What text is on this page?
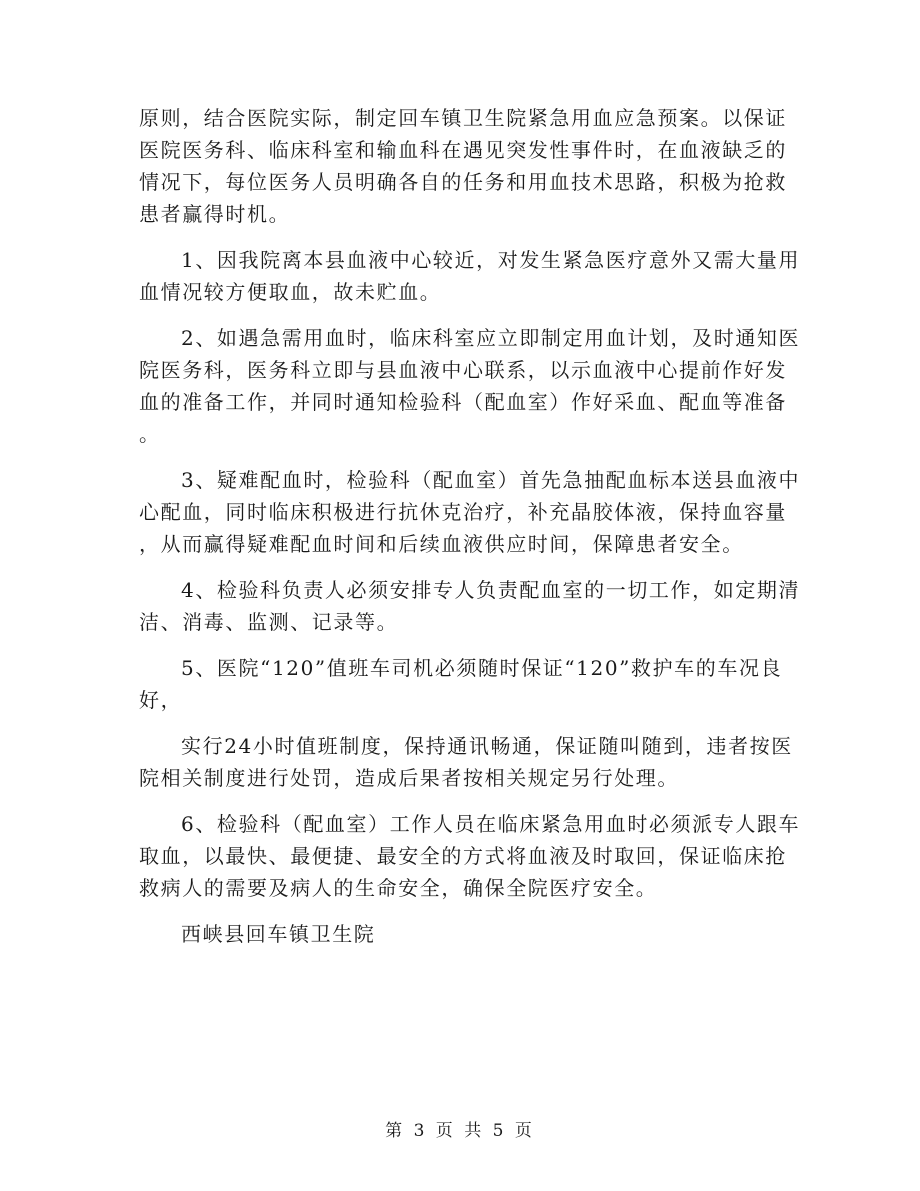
原则，结合医院实际，制定回车镇卫生院紧急用血应急预案。以保证
医院医务科、临床科室和输血科在遇见突发性事件时，在血液缺乏的
情况下，每位医务人员明确各自的任务和用血技术思路，积极为抢救
患者赢得时机。
1、因我院离本县血液中心较近，对发生紧急医疗意外又需大量用
血情况较方便取血，故未贮血。
2、如遇急需用血时，临床科室应立即制定用血计划，及时通知医
院医务科，医务科立即与县血液中心联系，以示血液中心提前作好发
血的准备工作，并同时通知检验科（配血室）作好采血、配血等准备
。
3、疑难配血时，检验科（配血室）首先急抽配血标本送县血液中
心配血，同时临床积极进行抗休克治疗，补充晶胶体液，保持血容量
，从而赢得疑难配血时间和后续血液供应时间，保障患者安全。
4、检验科负责人必须安排专人负责配血室的一切工作，如定期清
洁、消毒、监测、记录等。
5、医院“120”值班车司机必须随时保证“120”救护车的车况良
好，
实行24小时值班制度，保持通讯畅通，保证随叫随到，违者按医
院相关制度进行处罚，造成后果者按相关规定另行处理。
6、检验科（配血室）工作人员在临床紧急用血时必须派专人跟车
取血，以最快、最便捷、最安全的方式将血液及时取回，保证临床抢
救病人的需要及病人的生命安全，确保全院医疗安全。
西峡县回车镇卫生院
第 3 页 共 5 页
